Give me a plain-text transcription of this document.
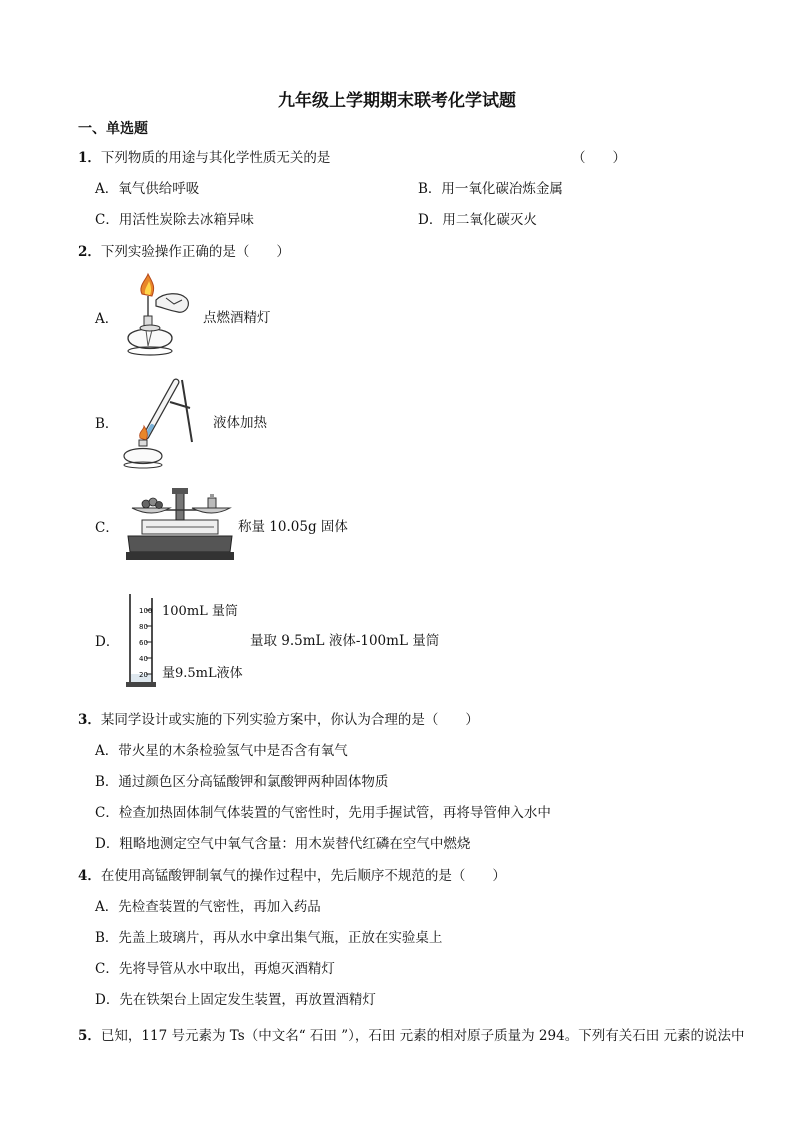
九年级上学期期末联考化学试题
一、单选题
1．下列物质的用途与其化学性质无关的是	（　　）
A．氧气供给呼吸	B．用一氧化碳冶炼金属
C．用活性炭除去冰箱异味	D．用二氧化碳灭火
2．下列实验操作正确的是（　　）
A．	点燃酒精灯
B．	液体加热
C．	称量 10.05g 固体
D．
100
80
60
40
20
100mL 量筒
量9.5mL液体
量取 9.5mL 液体-100mL 量筒
3．某同学设计或实施的下列实验方案中，你认为合理的是（　　）
A．带火星的木条检验氢气中是否含有氧气
B．通过颜色区分高锰酸钾和氯酸钾两种固体物质
C．检查加热固体制气体装置的气密性时，先用手握试管，再将导管伸入水中
D．粗略地测定空气中氧气含量：用木炭替代红磷在空气中燃烧
4．在使用高锰酸钾制氧气的操作过程中，先后顺序不规范的是（　　）
A．先检查装置的气密性，再加入药品
B．先盖上玻璃片，再从水中拿出集气瓶，正放在实验桌上
C．先将导管从水中取出，再熄灭酒精灯
D．先在铁架台上固定发生装置，再放置酒精灯
5．已知，117 号元素为 Ts（中文名“ 石田 ”），石田 元素的相对原子质量为 294。下列有关石田 元素的说法中
